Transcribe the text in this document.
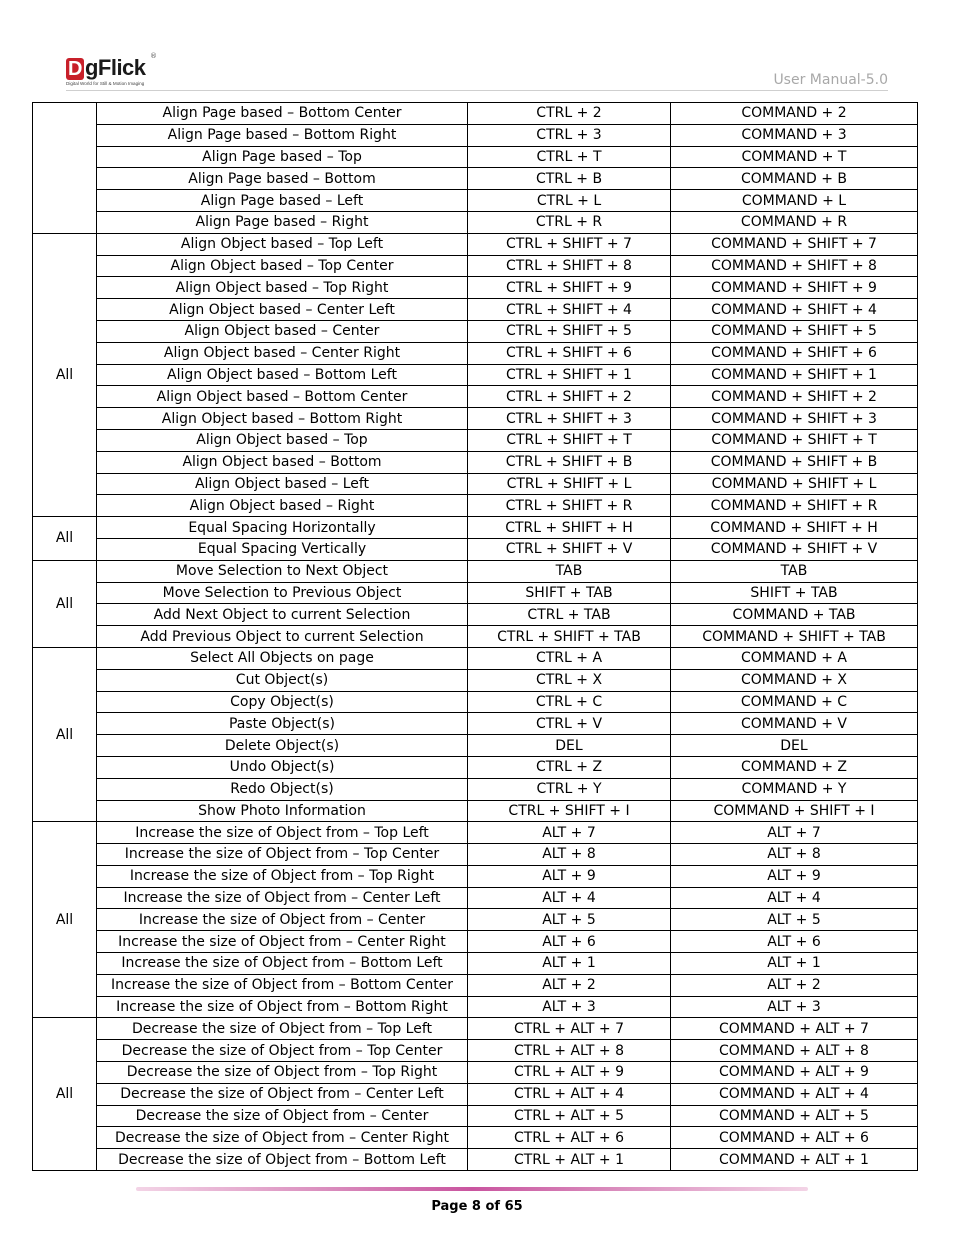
D gFlick ®
Digital World for Still & Motion Imaging	User Manual-5.0
	Align Page based – Bottom Center	CTRL + 2	COMMAND + 2
	Align Page based – Bottom Right	CTRL + 3	COMMAND + 3
	Align Page based – Top	CTRL + T	COMMAND + T
	Align Page based – Bottom	CTRL + B	COMMAND + B
	Align Page based – Left	CTRL + L	COMMAND + L
	Align Page based – Right	CTRL + R	COMMAND + R
All	Align Object based – Top Left	CTRL + SHIFT + 7	COMMAND + SHIFT + 7
	Align Object based – Top Center	CTRL + SHIFT + 8	COMMAND + SHIFT + 8
	Align Object based – Top Right	CTRL + SHIFT + 9	COMMAND + SHIFT + 9
	Align Object based – Center Left	CTRL + SHIFT + 4	COMMAND + SHIFT + 4
	Align Object based – Center	CTRL + SHIFT + 5	COMMAND + SHIFT + 5
	Align Object based – Center Right	CTRL + SHIFT + 6	COMMAND + SHIFT + 6
	Align Object based – Bottom Left	CTRL + SHIFT + 1	COMMAND + SHIFT + 1
	Align Object based – Bottom Center	CTRL + SHIFT + 2	COMMAND + SHIFT + 2
	Align Object based – Bottom Right	CTRL + SHIFT + 3	COMMAND + SHIFT + 3
	Align Object based – Top	CTRL + SHIFT + T	COMMAND + SHIFT + T
	Align Object based – Bottom	CTRL + SHIFT + B	COMMAND + SHIFT + B
	Align Object based – Left	CTRL + SHIFT + L	COMMAND + SHIFT + L
	Align Object based – Right	CTRL + SHIFT + R	COMMAND + SHIFT + R
All	Equal Spacing Horizontally	CTRL + SHIFT + H	COMMAND + SHIFT + H
	Equal Spacing Vertically	CTRL + SHIFT + V	COMMAND + SHIFT + V
All	Move Selection to Next Object	TAB	TAB
	Move Selection to Previous Object	SHIFT + TAB	SHIFT + TAB
	Add Next Object to current Selection	CTRL + TAB	COMMAND + TAB
	Add Previous Object to current Selection	CTRL + SHIFT + TAB	COMMAND + SHIFT + TAB
All	Select All Objects on page	CTRL + A	COMMAND + A
	Cut Object(s)	CTRL + X	COMMAND + X
	Copy Object(s)	CTRL + C	COMMAND + C
	Paste Object(s)	CTRL + V	COMMAND + V
	Delete Object(s)	DEL	DEL
	Undo Object(s)	CTRL + Z	COMMAND + Z
	Redo Object(s)	CTRL + Y	COMMAND + Y
	Show Photo Information	CTRL + SHIFT + I	COMMAND + SHIFT + I
All	Increase the size of Object from – Top Left	ALT + 7	ALT + 7
	Increase the size of Object from – Top Center	ALT + 8	ALT + 8
	Increase the size of Object from – Top Right	ALT + 9	ALT + 9
	Increase the size of Object from – Center Left	ALT + 4	ALT + 4
	Increase the size of Object from – Center	ALT + 5	ALT + 5
	Increase the size of Object from – Center Right	ALT + 6	ALT + 6
	Increase the size of Object from – Bottom Left	ALT + 1	ALT + 1
	Increase the size of Object from – Bottom Center	ALT + 2	ALT + 2
	Increase the size of Object from – Bottom Right	ALT + 3	ALT + 3
All	Decrease the size of Object from – Top Left	CTRL + ALT + 7	COMMAND + ALT + 7
	Decrease the size of Object from – Top Center	CTRL + ALT + 8	COMMAND + ALT + 8
	Decrease the size of Object from – Top Right	CTRL + ALT + 9	COMMAND + ALT + 9
	Decrease the size of Object from – Center Left	CTRL + ALT + 4	COMMAND + ALT + 4
	Decrease the size of Object from – Center	CTRL + ALT + 5	COMMAND + ALT + 5
	Decrease the size of Object from – Center Right	CTRL + ALT + 6	COMMAND + ALT + 6
	Decrease the size of Object from – Bottom Left	CTRL + ALT + 1	COMMAND + ALT + 1
Page 8 of 65
